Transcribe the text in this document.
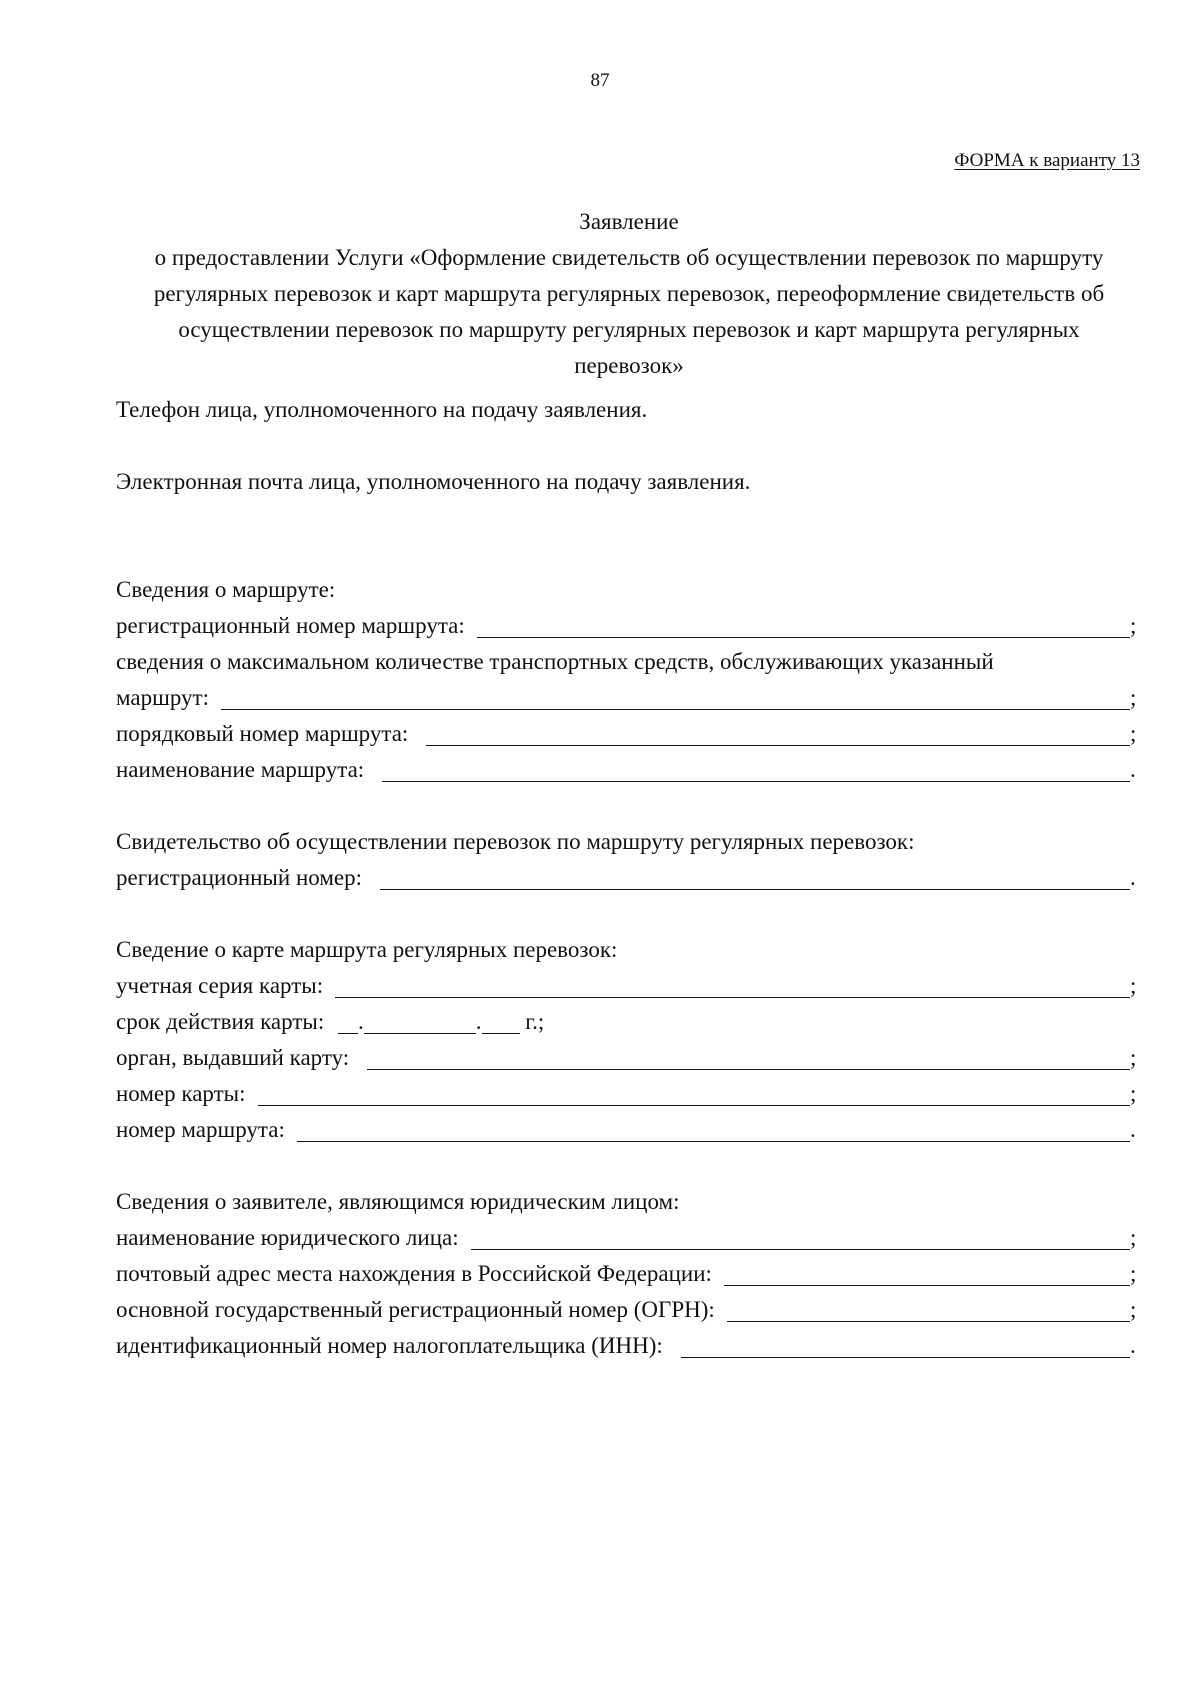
87
ФОРМА к варианту 13
Заявление
о предоставлении Услуги «Оформление свидетельств об осуществлении перевозок по маршруту
регулярных перевозок и карт маршрута регулярных перевозок, переоформление свидетельств об
осуществлении перевозок по маршруту регулярных перевозок и карт маршрута регулярных
перевозок»
Телефон лица, уполномоченного на подачу заявления.
Электронная почта лица, уполномоченного на подачу заявления.
Сведения о маршруте:
регистрационный номер маршрута:	;
сведения о максимальном количестве транспортных средств, обслуживающих указанный
маршрут:	;
порядковый номер маршрута:	;
наименование маршрута:	.
Свидетельство об осуществлении перевозок по маршруту регулярных перевозок:
регистрационный номер:	.
Сведение о карте маршрута регулярных перевозок:
учетная серия карты:	;
срок действия карты: .	. г.;
орган, выдавший карту:	;
номер карты:	;
номер маршрута:	.
Сведения о заявителе, являющимся юридическим лицом:
наименование юридического лица:	;
почтовый адрес места нахождения в Российской Федерации:	;
основной государственный регистрационный номер (ОГРН):	;
идентификационный номер налогоплательщика (ИНН):	.
